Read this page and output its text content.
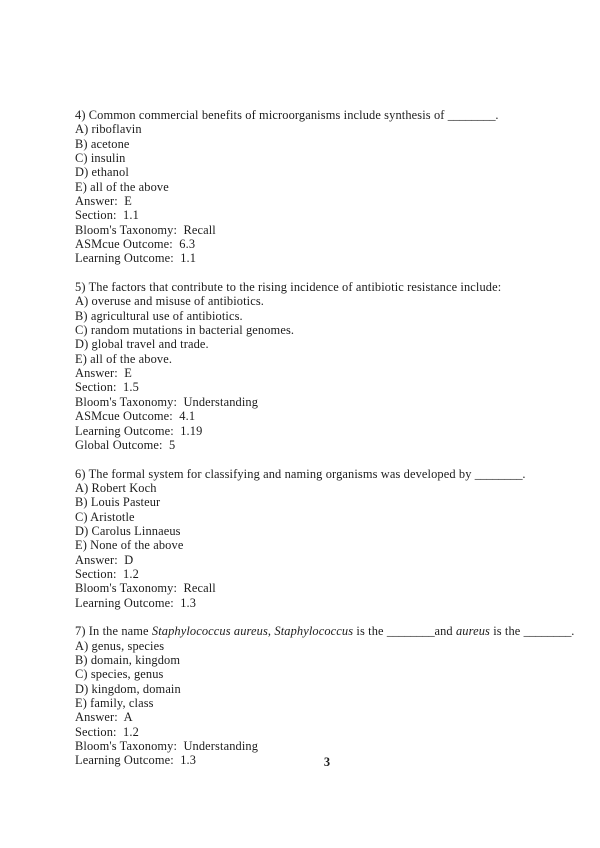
4) Common commercial benefits of microorganisms include synthesis of ________.
A) riboflavin
B) acetone
C) insulin
D) ethanol
E) all of the above
Answer:  E
Section:  1.1
Bloom's Taxonomy:  Recall
ASMcue Outcome:  6.3
Learning Outcome:  1.1
5) The factors that contribute to the rising incidence of antibiotic resistance include:
A) overuse and misuse of antibiotics.
B) agricultural use of antibiotics.
C) random mutations in bacterial genomes.
D) global travel and trade.
E) all of the above.
Answer:  E
Section:  1.5
Bloom's Taxonomy:  Understanding
ASMcue Outcome:  4.1
Learning Outcome:  1.19
Global Outcome:  5
6) The formal system for classifying and naming organisms was developed by ________.
A) Robert Koch
B) Louis Pasteur
C) Aristotle
D) Carolus Linnaeus
E) None of the above
Answer:  D
Section:  1.2
Bloom's Taxonomy:  Recall
Learning Outcome:  1.3
7) In the name Staphylococcus aureus, Staphylococcus is the ________and aureus is the ________.
A) genus, species
B) domain, kingdom
C) species, genus
D) kingdom, domain
E) family, class
Answer:  A
Section:  1.2
Bloom's Taxonomy:  Understanding
Learning Outcome:  1.3	3
